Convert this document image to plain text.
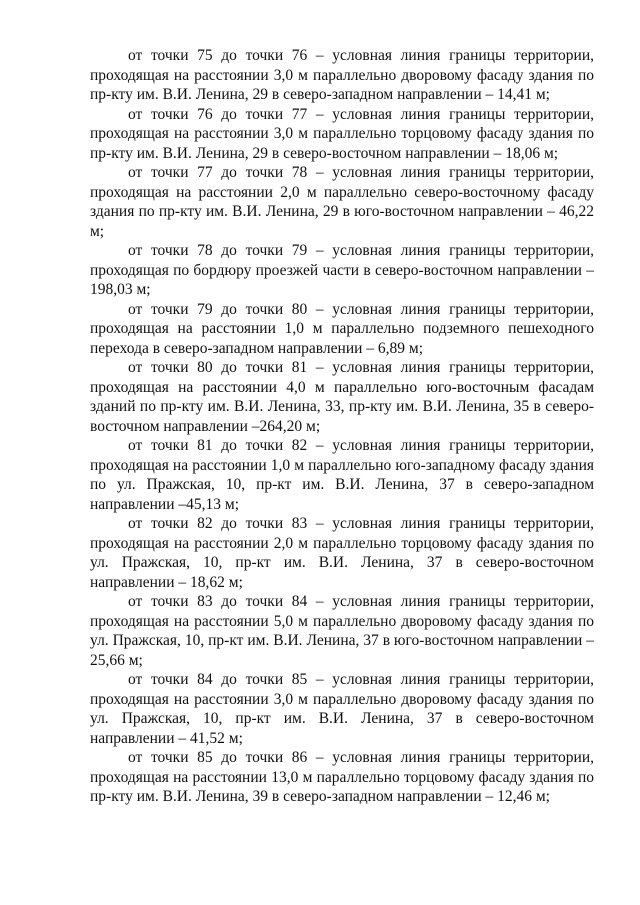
от точки 75 до точки 76 – условная линия границы территории, проходящая на расстоянии 3,0 м параллельно дворовому фасаду здания по пр-кту им. В.И. Ленина, 29 в северо-западном направлении – 14,41 м;

от точки 76 до точки 77 – условная линия границы территории, проходящая на расстоянии 3,0 м параллельно торцовому фасаду здания по пр-кту им. В.И. Ленина, 29 в северо-восточном направлении – 18,06 м;

от точки 77 до точки 78 – условная линия границы территории, проходящая на расстоянии 2,0 м параллельно северо-восточному фасаду здания по пр-кту им. В.И. Ленина, 29 в юго-восточном направлении – 46,22 м;

от точки 78 до точки 79 – условная линия границы территории, проходящая по бордюру проезжей части в северо-восточном направлении – 198,03 м;

от точки 79 до точки 80 – условная линия границы территории, проходящая на расстоянии 1,0 м параллельно подземного пешеходного перехода в северо-западном направлении – 6,89 м;

от точки 80 до точки 81 – условная линия границы территории, проходящая на расстоянии 4,0 м параллельно юго-восточным фасадам зданий по пр-кту им. В.И. Ленина, 33, пр-кту им. В.И. Ленина, 35 в северо-восточном направлении –264,20 м;

от точки 81 до точки 82 – условная линия границы территории, проходящая на расстоянии 1,0 м параллельно юго-западному фасаду здания по ул. Пражская, 10, пр-кт им. В.И. Ленина, 37 в северо-западном направлении –45,13 м;

от точки 82 до точки 83 – условная линия границы территории, проходящая на расстоянии 2,0 м параллельно торцовому фасаду здания по ул. Пражская, 10, пр-кт им. В.И. Ленина, 37 в северо-восточном направлении – 18,62 м;

от точки 83 до точки 84 – условная линия границы территории, проходящая на расстоянии 5,0 м параллельно дворовому фасаду здания по ул. Пражская, 10, пр-кт им. В.И. Ленина, 37 в юго-восточном направлении – 25,66 м;

от точки 84 до точки 85 – условная линия границы территории, проходящая на расстоянии 3,0 м параллельно дворовому фасаду здания по ул. Пражская, 10, пр-кт им. В.И. Ленина, 37 в северо-восточном направлении – 41,52 м;

от точки 85 до точки 86 – условная линия границы территории, проходящая на расстоянии 13,0 м параллельно торцовому фасаду здания по пр-кту им. В.И. Ленина, 39 в северо-западном направлении – 12,46 м;
